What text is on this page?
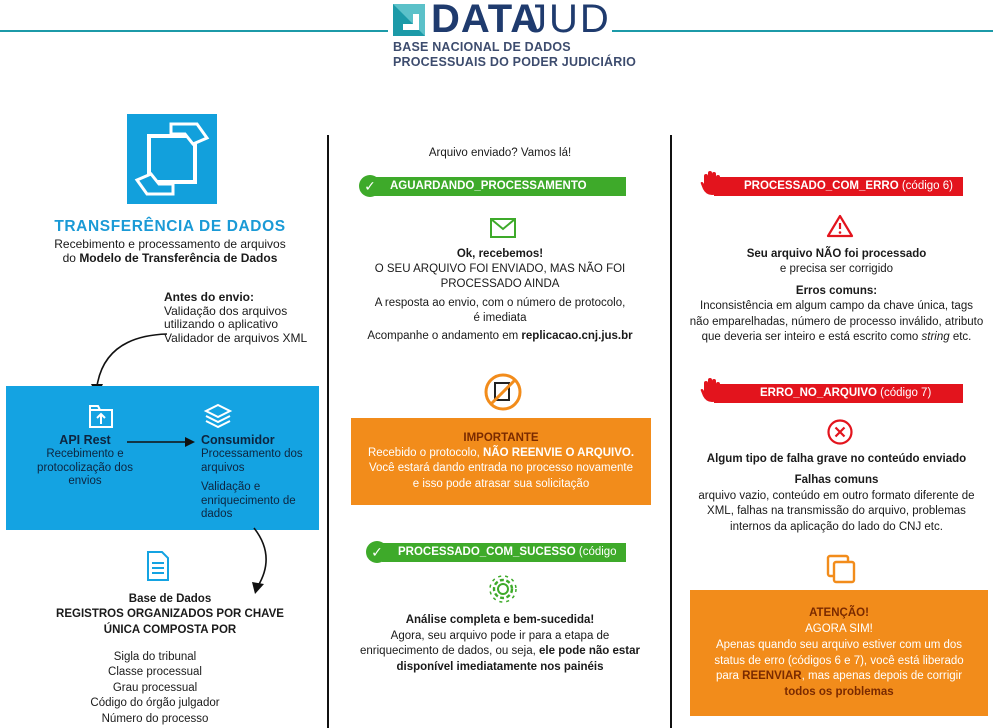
DATA
JUD
BASE NACIONAL DE DADOS
PROCESSUAIS DO PODER JUDICIÁRIO
TRANSFERÊNCIA DE DADOS
Recebimento e processamento de arquivos
do Modelo de Transferência de Dados
Antes do envio:
Validação dos arquivos
utilizando o aplicativo
Validador de arquivos XML
API Rest
Recebimento e
protocolização dos
envios
Consumidor
Processamento dos
arquivos
Validação e
enriquecimento de
dados
Base de Dados
REGISTROS ORGANIZADOS POR CHAVE
ÚNICA COMPOSTA POR
Sigla do tribunal
Classe processual
Grau processual
Código do órgão julgador
Número do processo
Arquivo enviado? Vamos lá!
AGUARDANDO_PROCESSAMENTO (código 1)
✓
Ok, recebemos!
O SEU ARQUIVO FOI ENVIADO, MAS NÃO FOI
PROCESSADO AINDA
A resposta ao envio, com o número de protocolo,
é imediata
Acompanhe o andamento em replicacao.cnj.jus.br
IMPORTANTE
Recebido o protocolo, NÃO REENVIE O ARQUIVO.
Você estará dando entrada no processo novamente
e isso pode atrasar sua solicitação
PROCESSADO_COM_SUCESSO (código 3)
✓
Análise completa e bem-sucedida!
Agora, seu arquivo pode ir para a etapa de
enriquecimento de dados, ou seja, ele pode não estar
disponível imediatamente nos painéis
PROCESSADO_COM_ERRO (código 6)
Seu arquivo NÃO foi processado
e precisa ser corrigido
Erros comuns:
Inconsistência em algum campo da chave única, tags
não emparelhadas, número de processo inválido, atributo
que deveria ser inteiro e está escrito como string etc.
ERRO_NO_ARQUIVO (código 7)
Algum tipo de falha grave no conteúdo enviado
Falhas comuns
arquivo vazio, conteúdo em outro formato diferente de
XML, falhas na transmissão do arquivo, problemas
internos da aplicação do lado do CNJ etc.
ATENÇÃO!
AGORA SIM!
Apenas quando seu arquivo estiver com um dos
status de erro (códigos 6 e 7), você está liberado
para REENVIAR, mas apenas depois de corrigir
todos os problemas
